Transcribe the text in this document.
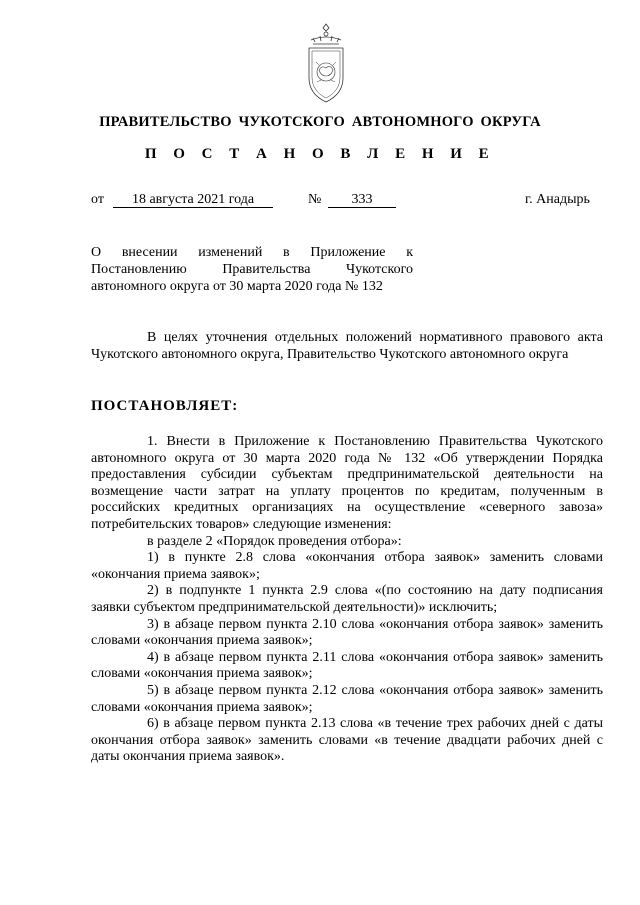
ПРАВИТЕЛЬСТВО ЧУКОТСКОГО АВТОНОМНОГО ОКРУГА
П О С Т А Н О В Л Е Н И Е
от	18 августа 2021 года	№	333	г. Анадырь
О внесении изменений в Приложение к
Постановлению Правительства Чукотского
автономного округа от 30 марта 2020 года № 132

В целях уточнения отдельных положений нормативного правового акта Чукотского автономного округа, Правительство Чукотского автономного округа

ПОСТАНОВЛЯЕТ:

1. Внести в Приложение к Постановлению Правительства Чукотского автономного округа от 30 марта 2020 года № 132 «Об утверждении Порядка предоставления субсидии субъектам предпринимательской деятельности на возмещение части затрат на уплату процентов по кредитам, полученным в российских кредитных организациях на осуществление «северного завоза» потребительских товаров» следующие изменения:

в разделе 2 «Порядок проведения отбора»:

1) в пункте 2.8 слова «окончания отбора заявок» заменить словами «окончания приема заявок»;

2) в подпункте 1 пункта 2.9 слова «(по состоянию на дату подписания заявки субъектом предпринимательской деятельности)» исключить;

3) в абзаце первом пункта 2.10 слова «окончания отбора заявок» заменить словами «окончания приема заявок»;

4) в абзаце первом пункта 2.11 слова «окончания отбора заявок» заменить словами «окончания приема заявок»;

5) в абзаце первом пункта 2.12 слова «окончания отбора заявок» заменить словами «окончания приема заявок»;

6) в абзаце первом пункта 2.13 слова «в течение трех рабочих дней с даты окончания отбора заявок» заменить словами «в течение двадцати рабочих дней с даты окончания приема заявок».
